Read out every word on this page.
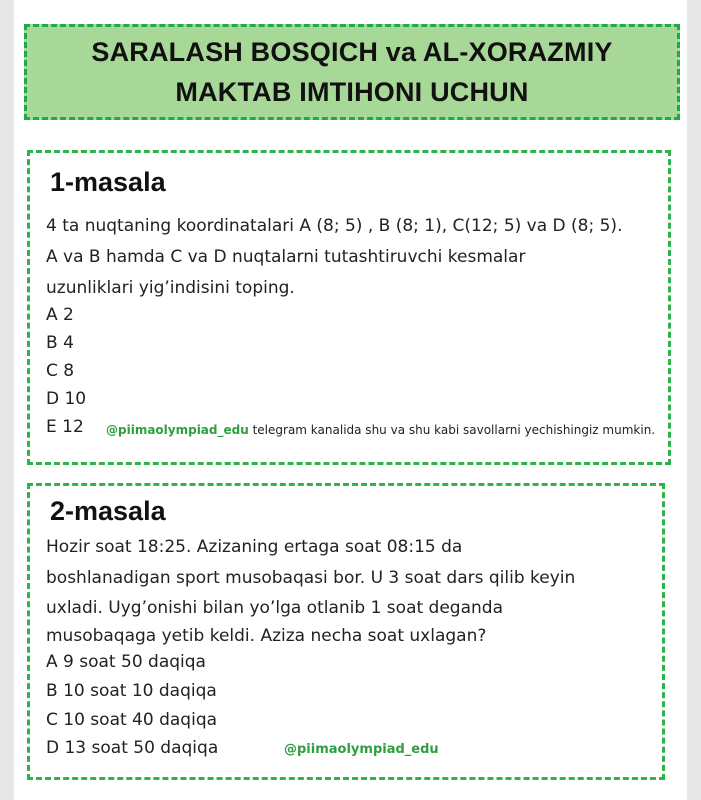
SARALASH BOSQICH va AL-XORAZMIY
MAKTAB IMTIHONI UCHUN
1-masala
4 ta nuqtaning koordinatalari A (8; 5) , B (8; 1), C(12; 5) va D (8; 5).
A va B hamda C va D nuqtalarni tutashtiruvchi kesmalar
uzunliklari yig’indisini toping.
A 2
B 4
C 8
D 10
E 12 @piimaolympiad_edu telegram kanalida shu va shu kabi savollarni yechishingiz mumkin.
2-masala
Hozir soat 18:25. Azizaning ertaga soat 08:15 da
boshlanadigan sport musobaqasi bor. U 3 soat dars qilib keyin
uxladi. Uyg’onishi bilan yo’lga otlanib 1 soat deganda
musobaqaga yetib keldi. Aziza necha soat uxlagan?
A 9 soat 50 daqiqa
B 10 soat 10 daqiqa
C 10 soat 40 daqiqa
D 13 soat 50 daqiqa	@piimaolympiad_edu
